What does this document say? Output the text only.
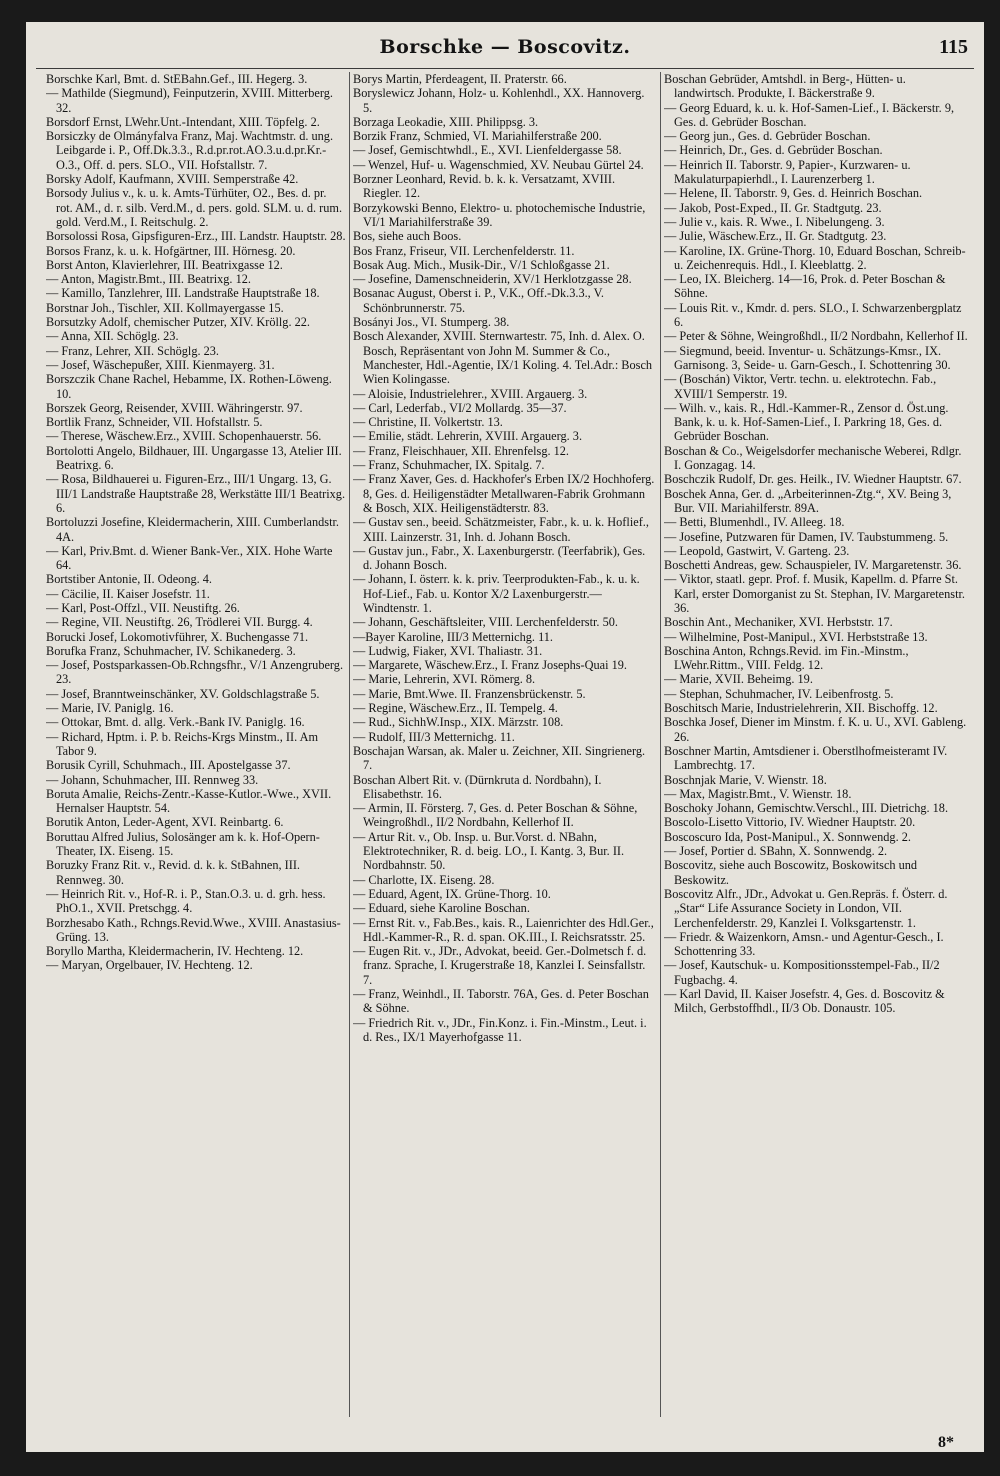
Borschke — Boscovitz.	115

Borschke Karl, Bmt. d. StEBahn.Gef., III. Hegerg. 3.

— Mathilde (Siegmund), Feinputzerin, XVIII. Mitterberg. 32.

Borsdorf Ernst, LWehr.Unt.-Intendant, XIII. Töpfelg. 2.

Borsiczky de Olmányfalva Franz, Maj. Wachtmstr. d. ung. Leibgarde i. P., Off.Dk.3.3., R.d.pr.rot.AO.3.u.d.pr.Kr.-O.3., Off. d. pers. SLO., VII. Hofstallstr. 7.

Borsky Adolf, Kaufmann, XVIII. Semperstraße 42.

Borsody Julius v., k. u. k. Amts-Türhüter, O2., Bes. d. pr. rot. AM., d. r. silb. Verd.M., d. pers. gold. SLM. u. d. rum. gold. Verd.M., I. Reitschulg. 2.

Borsolossi Rosa, Gipsfiguren-Erz., III. Landstr. Hauptstr. 28.

Borsos Franz, k. u. k. Hofgärtner, III. Hörnesg. 20.

Borst Anton, Klavierlehrer, III. Beatrixgasse 12.

— Anton, Magistr.Bmt., III. Beatrixg. 12.

— Kamillo, Tanzlehrer, III. Landstraße Hauptstraße 18.

Borstnar Joh., Tischler, XII. Kollmayergasse 15.

Borsutzky Adolf, chemischer Putzer, XIV. Kröllg. 22.

— Anna, XII. Schöglg. 23.

— Franz, Lehrer, XII. Schöglg. 23.

— Josef, Wäschepußer, XIII. Kienmayerg. 31.

Borszczik Chane Rachel, Hebamme, IX. Rothen-Löweng. 10.

Borszek Georg, Reisender, XVIII. Währingerstr. 97.

Bortlik Franz, Schneider, VII. Hofstallstr. 5.

— Therese, Wäschew.Erz., XVIII. Schopenhauerstr. 56.

Bortolotti Angelo, Bildhauer, III. Ungargasse 13, Atelier III. Beatrixg. 6.

— Rosa, Bildhauerei u. Figuren-Erz., III/1 Ungarg. 13, G. III/1 Landstraße Hauptstraße 28, Werkstätte III/1 Beatrixg. 6.

Bortoluzzi Josefine, Kleidermacherin, XIII. Cumberlandstr. 4A.

— Karl, Priv.Bmt. d. Wiener Bank-Ver., XIX. Hohe Warte 64.

Bortstiber Antonie, II. Odeong. 4.

— Cäcilie, II. Kaiser Josefstr. 11.

— Karl, Post-Offzl., VII. Neustiftg. 26.

— Regine, VII. Neustiftg. 26, Trödlerei VII. Burgg. 4.

Borucki Josef, Lokomotivführer, X. Buchengasse 71.

Borufka Franz, Schuhmacher, IV. Schikanederg. 3.

— Josef, Postsparkassen-Ob.Rchngsfhr., V/1 Anzengruberg. 23.

— Josef, Branntweinschänker, XV. Goldschlagstraße 5.

— Marie, IV. Paniglg. 16.

— Ottokar, Bmt. d. allg. Verk.-Bank IV. Paniglg. 16.

— Richard, Hptm. i. P. b. Reichs-Krgs Minstm., II. Am Tabor 9.

Borusik Cyrill, Schuhmach., III. Apostelgasse 37.

— Johann, Schuhmacher, III. Rennweg 33.

Boruta Amalie, Reichs-Zentr.-Kasse-Kutlor.-Wwe., XVII. Hernalser Hauptstr. 54.

Borutik Anton, Leder-Agent, XVI. Reinbartg. 6.

Boruttau Alfred Julius, Solosänger am k. k. Hof-Opern-Theater, IX. Eiseng. 15.

Boruzky Franz Rit. v., Revid. d. k. k. StBahnen, III. Rennweg. 30.

— Heinrich Rit. v., Hof-R. i. P., Stan.O.3. u. d. grh. hess. PhO.1., XVII. Pretschgg. 4.

Borzhesabo Kath., Rchngs.Revid.Wwe., XVIII. Anastasius-Grüng. 13.

Boryllo Martha, Kleidermacherin, IV. Hechteng. 12.

— Maryan, Orgelbauer, IV. Hechteng. 12.

Borys Martin, Pferdeagent, II. Praterstr. 66.

Boryslewicz Johann, Holz- u. Kohlenhdl., XX. Hannoverg. 5.

Borzaga Leokadie, XIII. Philippsg. 3.

Borzik Franz, Schmied, VI. Mariahilferstraße 200.

— Josef, Gemischtwhdl., E., XVI. Lienfeldergasse 58.

— Wenzel, Huf- u. Wagenschmied, XV. Neubau Gürtel 24.

Borzner Leonhard, Revid. b. k. k. Versatzamt, XVIII. Riegler. 12.

Borzykowski Benno, Elektro- u. photochemische Industrie, VI/1 Mariahilferstraße 39.

Bos, siehe auch Boos.

Bos Franz, Friseur, VII. Lerchenfelderstr. 11.

Bosak Aug. Mich., Musik-Dir., V/1 Schloßgasse 21.

— Josefine, Damenschneiderin, XV/1 Herklotzgasse 28.

Bosanac August, Oberst i. P., V.K., Off.-Dk.3.3., V. Schönbrunnerstr. 75.

Bosányi Jos., VI. Stumperg. 38.

Bosch Alexander, XVIII. Sternwartestr. 75, Inh. d. Alex. O. Bosch, Repräsentant von John M. Summer & Co., Manchester, Hdl.-Agentie, IX/1 Koling. 4. Tel.Adr.: Bosch Wien Kolingasse.

— Aloisie, Industrielehrer., XVIII. Argauerg. 3.

— Carl, Lederfab., VI/2 Mollardg. 35—37.

— Christine, II. Volkertstr. 13.

— Emilie, städt. Lehrerin, XVIII. Argauerg. 3.

— Franz, Fleischhauer, XII. Ehrenfelsg. 12.

— Franz, Schuhmacher, IX. Spitalg. 7.

— Franz Xaver, Ges. d. Hackhofer's Erben IX/2 Hochhoferg. 8, Ges. d. Heiligenstädter Metallwaren-Fabrik Grohmann & Bosch, XIX. Heiligenstädterstr. 83.

— Gustav sen., beeid. Schätzmeister, Fabr., k. u. k. Hoflief., XIII. Lainzerstr. 31, Inh. d. Johann Bosch.

— Gustav jun., Fabr., X. Laxenburgerstr. (Teerfabrik), Ges. d. Johann Bosch.

— Johann, I. österr. k. k. priv. Teerprodukten-Fab., k. u. k. Hof-Lief., Fab. u. Kontor X/2 Laxenburgerstr.—Windtenstr. 1.

— Johann, Geschäftsleiter, VIII. Lerchenfelderstr. 50.

—Bayer Karoline, III/3 Metternichg. 11.

— Ludwig, Fiaker, XVI. Thaliastr. 31.

— Margarete, Wäschew.Erz., I. Franz Josephs-Quai 19.

— Marie, Lehrerin, XVI. Römerg. 8.

— Marie, Bmt.Wwe. II. Franzensbrückenstr. 5.

— Regine, Wäschew.Erz., II. Tempelg. 4.

— Rud., SichhW.Insp., XIX. Märzstr. 108.

— Rudolf, III/3 Metternichg. 11.

Boschajan Warsan, ak. Maler u. Zeichner, XII. Singrienerg. 7.

Boschan Albert Rit. v. (Dürnkruta d. Nordbahn), I. Elisabethstr. 16.

— Armin, II. Försterg. 7, Ges. d. Peter Boschan & Söhne, Weingroßhdl., II/2 Nordbahn, Kellerhof II.

— Artur Rit. v., Ob. Insp. u. Bur.Vorst. d. NBahn, Elektrotechniker, R. d. beig. LO., I. Kantg. 3, Bur. II. Nordbahnstr. 50.

— Charlotte, IX. Eiseng. 28.

— Eduard, Agent, IX. Grüne-Thorg. 10.

— Eduard, siehe Karoline Boschan.

— Ernst Rit. v., Fab.Bes., kais. R., Laienrichter des Hdl.Ger., Hdl.-Kammer-R., R. d. span. OK.III., I. Reichsratsstr. 25.

— Eugen Rit. v., JDr., Advokat, beeid. Ger.-Dolmetsch f. d. franz. Sprache, I. Krugerstraße 18, Kanzlei I. Seinsfallstr. 7.

— Franz, Weinhdl., II. Taborstr. 76A, Ges. d. Peter Boschan & Söhne.

— Friedrich Rit. v., JDr., Fin.Konz. i. Fin.-Minstm., Leut. i. d. Res., IX/1 Mayerhofgasse 11.

Boschan Gebrüder, Amtshdl. in Berg-, Hütten- u. landwirtsch. Produkte, I. Bäckerstraße 9.

— Georg Eduard, k. u. k. Hof-Samen-Lief., I. Bäckerstr. 9, Ges. d. Gebrüder Boschan.

— Georg jun., Ges. d. Gebrüder Boschan.

— Heinrich, Dr., Ges. d. Gebrüder Boschan.

— Heinrich II. Taborstr. 9, Papier-, Kurzwaren- u. Makulaturpapierhdl., I. Laurenzerberg 1.

— Helene, II. Taborstr. 9, Ges. d. Heinrich Boschan.

— Jakob, Post-Exped., II. Gr. Stadtgutg. 23.

— Julie v., kais. R. Wwe., I. Nibelungeng. 3.

— Julie, Wäschew.Erz., II. Gr. Stadtgutg. 23.

— Karoline, IX. Grüne-Thorg. 10, Eduard Boschan, Schreib- u. Zeichenrequis. Hdl., I. Kleeblattg. 2.

— Leo, IX. Bleicherg. 14—16, Prok. d. Peter Boschan & Söhne.

— Louis Rit. v., Kmdr. d. pers. SLO., I. Schwarzenbergplatz 6.

— Peter & Söhne, Weingroßhdl., II/2 Nordbahn, Kellerhof II.

— Siegmund, beeid. Inventur- u. Schätzungs-Kmsr., IX. Garnisong. 3, Seide- u. Garn-Gesch., I. Schottenring 30.

— (Boschán) Viktor, Vertr. techn. u. elektrotechn. Fab., XVIII/1 Semperstr. 19.

— Wilh. v., kais. R., Hdl.-Kammer-R., Zensor d. Öst.ung. Bank, k. u. k. Hof-Samen-Lief., I. Parkring 18, Ges. d. Gebrüder Boschan.

Boschan & Co., Weigelsdorfer mechanische Weberei, Rdlgr. I. Gonzagag. 14.

Boschczik Rudolf, Dr. ges. Heilk., IV. Wiedner Hauptstr. 67.

Boschek Anna, Ger. d. „Arbeiterinnen-Ztg.“, XV. Being 3, Bur. VII. Mariahilferstr. 89A.

— Betti, Blumenhdl., IV. Alleeg. 18.

— Josefine, Putzwaren für Damen, IV. Taubstummeng. 5.

— Leopold, Gastwirt, V. Garteng. 23.

Boschetti Andreas, gew. Schauspieler, IV. Margaretenstr. 36.

— Viktor, staatl. gepr. Prof. f. Musik, Kapellm. d. Pfarre St. Karl, erster Domorganist zu St. Stephan, IV. Margaretenstr. 36.

Boschin Ant., Mechaniker, XVI. Herbststr. 17.

— Wilhelmine, Post-Manipul., XVI. Herbststraße 13.

Boschina Anton, Rchngs.Revid. im Fin.-Minstm., LWehr.Rittm., VIII. Feldg. 12.

— Marie, XVII. Beheimg. 19.

— Stephan, Schuhmacher, IV. Leibenfrostg. 5.

Boschitsch Marie, Industrielehrerin, XII. Bischoffg. 12.

Boschka Josef, Diener im Minstm. f. K. u. U., XVI. Gableng. 26.

Boschner Martin, Amtsdiener i. Oberstlhofmeisteramt IV. Lambrechtg. 17.

Boschnjak Marie, V. Wienstr. 18.

— Max, Magistr.Bmt., V. Wienstr. 18.

Boschoky Johann, Gemischtw.Verschl., III. Dietrichg. 18.

Boscolo-Lisetto Vittorio, IV. Wiedner Hauptstr. 20.

Boscoscuro Ida, Post-Manipul., X. Sonnwendg. 2.

— Josef, Portier d. SBahn, X. Sonnwendg. 2.

Boscovitz, siehe auch Boscowitz, Boskowitsch und Beskowitz.

Boscovitz Alfr., JDr., Advokat u. Gen.Repräs. f. Österr. d. „Star“ Life Assurance Society in London, VII. Lerchenfelderstr. 29, Kanzlei I. Volksgartenstr. 1.

— Friedr. & Waizenkorn, Amsn.- und Agentur-Gesch., I. Schottenring 33.

— Josef, Kautschuk- u. Kompositionsstempel-Fab., II/2 Fugbachg. 4.

— Karl David, II. Kaiser Josefstr. 4, Ges. d. Boscovitz & Milch, Gerbstoffhdl., II/3 Ob. Donaustr. 105.

8*
